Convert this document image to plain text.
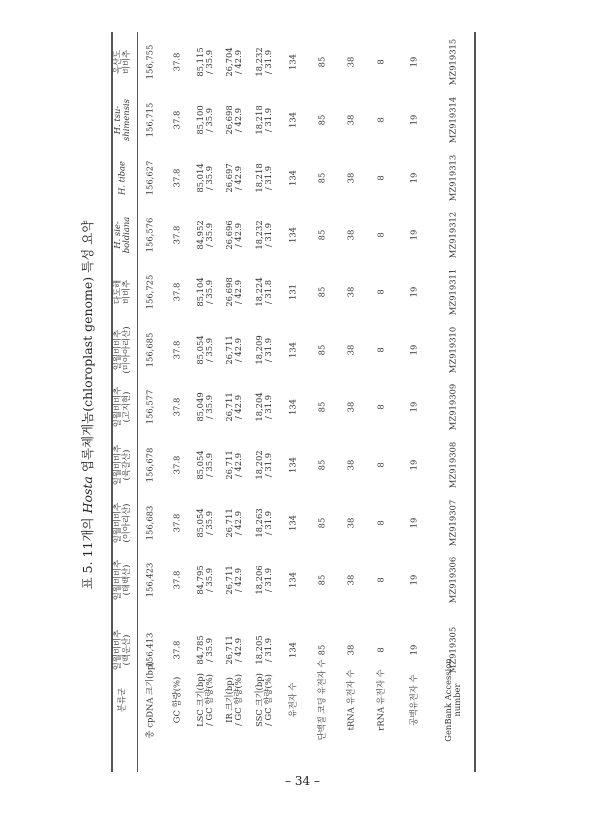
표 5. 11개의 Hosta 엽록체게놈(chloroplast genome) 특성 요약
분류군
일월비비추
(백운산)
일월비비추
(태백산)
일월비비추
(이아리산)
일월비비추
(육갈산)
일월비비추
(고지현)
일월비비추
(미아아리산)
다도해
비비추
H. sie-
boldiana
H. tibae
H. tsu-
shimensis
옥산도
비비추
총 cpDNA 크기(bp)
156,413
156,423
156,683
156,678
156,577
156,685
156,725
156,576
156,627
156,715
156,755
GC 함량(%)
37.8
37.8
37.8
37.8
37.8
37.8
37.8
37.8
37.8
37.8
37.8
LSC 크기(bp)
/ GC 함량(%)
84,785
/ 35.9
84,795
/ 35.9
85,054
/ 35.9
85,054
/ 35.9
85,049
/ 35.9
85,054
/ 35.9
85,104
/ 35.9
84,952
/ 35.9
85,014
/ 35.9
85,100
/ 35.9
85,115
/ 35.9
IR 크기(bp)
/ GC 함량(%)
26,711
/ 42.9
26,711
/ 42.9
26,711
/ 42.9
26,711
/ 42.9
26,711
/ 42.9
26,711
/ 42.9
26,698
/ 42.9
26,696
/ 42.9
26,697
/ 42.9
26,698
/ 42.9
26,704
/ 42.9
SSC 크기(bp)
/ GC 함량(%)
18,205
/ 31.9
18,206
/ 31.9
18,263
/ 31.9
18,202
/ 31.9
18,204
/ 31.9
18,209
/ 31.9
18,224
/ 31.8
18,232
/ 31.9
18,218
/ 31.9
18,218
/ 31.9
18,232
/ 31.9
유전자 수
134
134
134
134
134
134
131
134
134
134
134
단백질 코딩 유전자 수
85
85
85
85
85
85
85
85
85
85
85
tRNA 유전자 수
38
38
38
38
38
38
38
38
38
38
38
rRNA 유전자 수
8
8
8
8
8
8
8
8
8
8
8
공백유전자 수
19
19
19
19
19
19
19
19
19
19
19
GenBank Accession
number
MZ919305
MZ919306
MZ919307
MZ919308
MZ919309
MZ919310
MZ919311
MZ919312
MZ919313
MZ919314
MZ919315
– 34 –
